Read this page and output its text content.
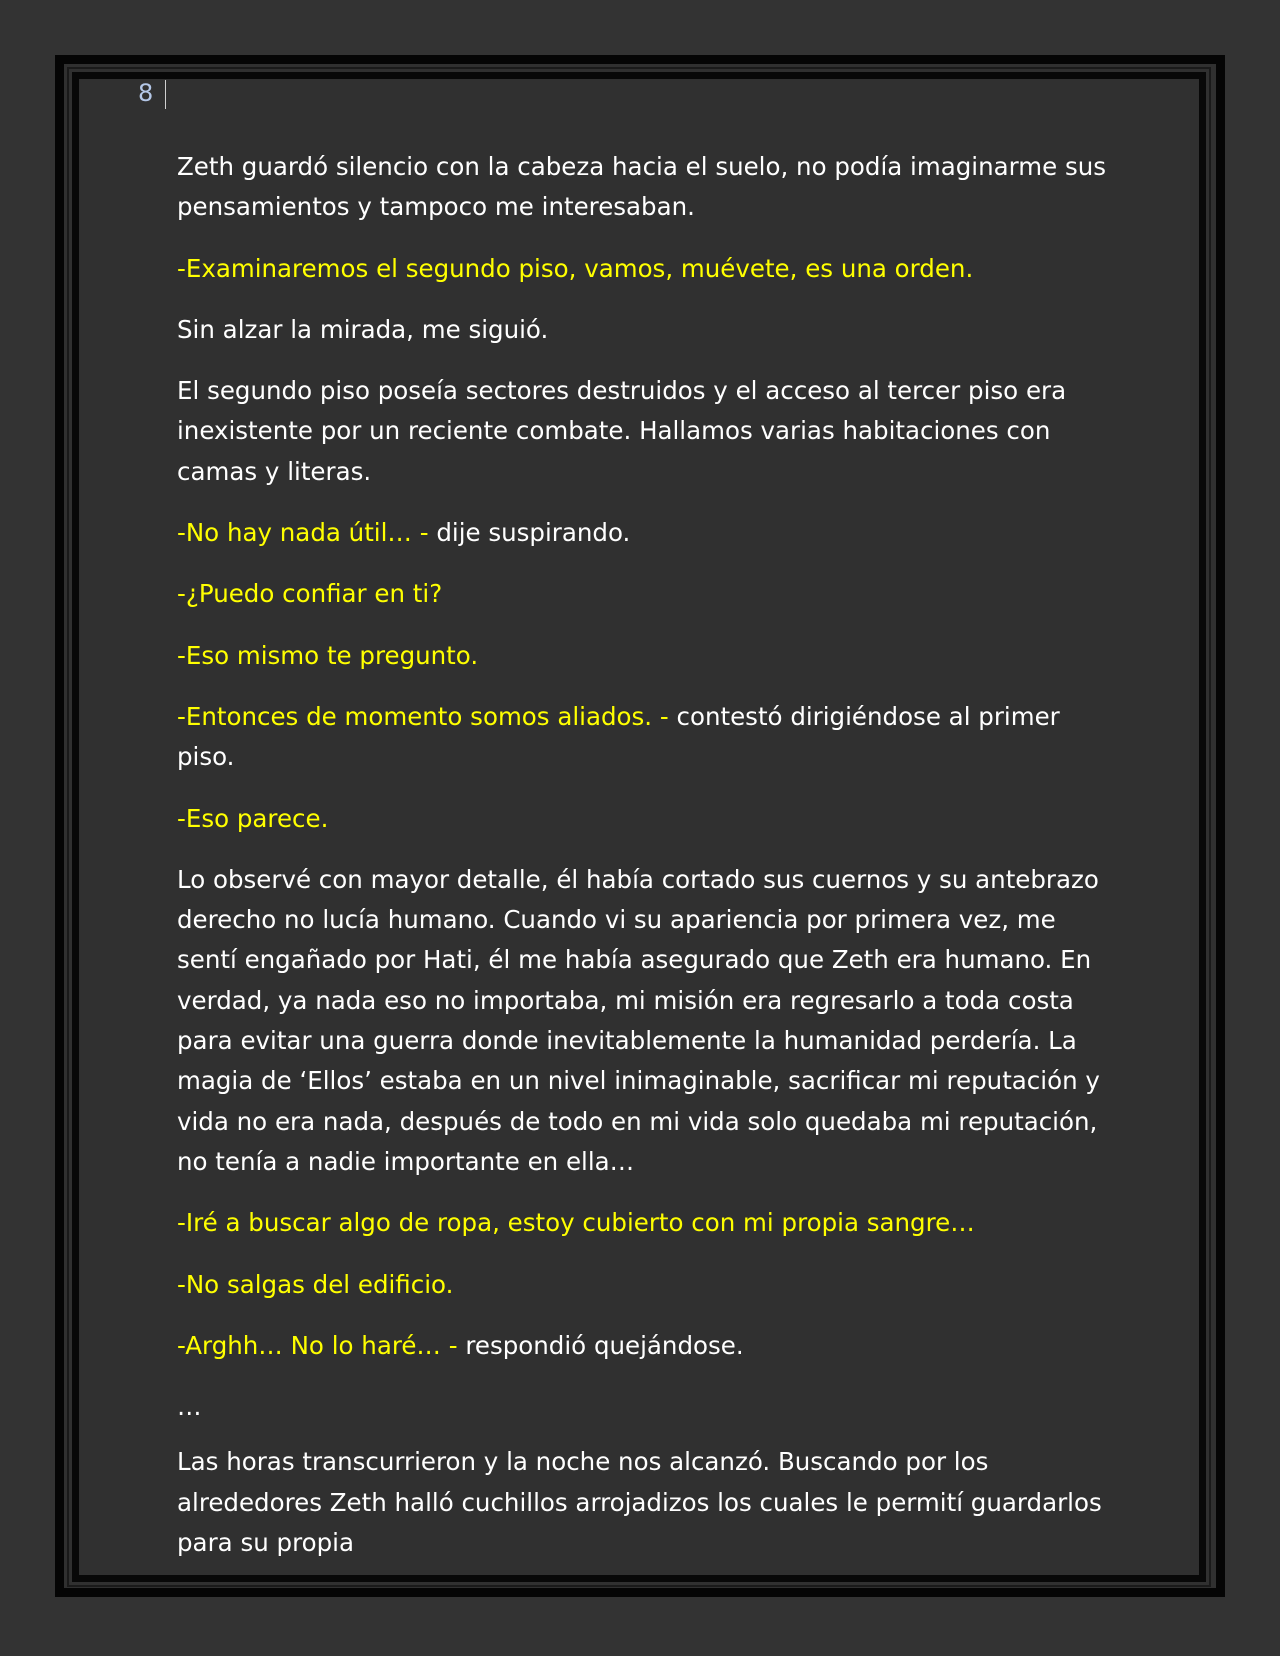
8

Zeth guardó silencio con la cabeza hacia el suelo, no podía imaginarme sus pensamientos y tampoco me interesaban.

-Examinaremos el segundo piso, vamos, muévete, es una orden.

Sin alzar la mirada, me siguió.

El segundo piso poseía sectores destruidos y el acceso al tercer piso era inexistente por un reciente combate. Hallamos varias habitaciones con camas y literas.

-No hay nada útil… - dije suspirando.

-¿Puedo confiar en ti?

-Eso mismo te pregunto.

-Entonces de momento somos aliados. - contestó dirigiéndose al primer piso.

-Eso parece.

Lo observé con mayor detalle, él había cortado sus cuernos y su antebrazo derecho no lucía humano. Cuando vi su apariencia por primera vez, me sentí engañado por Hati, él me había asegurado que Zeth era humano. En verdad, ya nada eso no importaba, mi misión era regresarlo a toda costa para evitar una guerra donde inevitablemente la humanidad perdería. La magia de ‘Ellos’ estaba en un nivel inimaginable, sacrificar mi reputación y vida no era nada, después de todo en mi vida solo quedaba mi reputación, no tenía a nadie importante en ella…

-Iré a buscar algo de ropa, estoy cubierto con mi propia sangre…

-No salgas del edificio.

-Arghh… No lo haré… - respondió quejándose.

…

Las horas transcurrieron y la noche nos alcanzó. Buscando por los alrededores Zeth halló cuchillos arrojadizos los cuales le permití guardarlos para su propia
